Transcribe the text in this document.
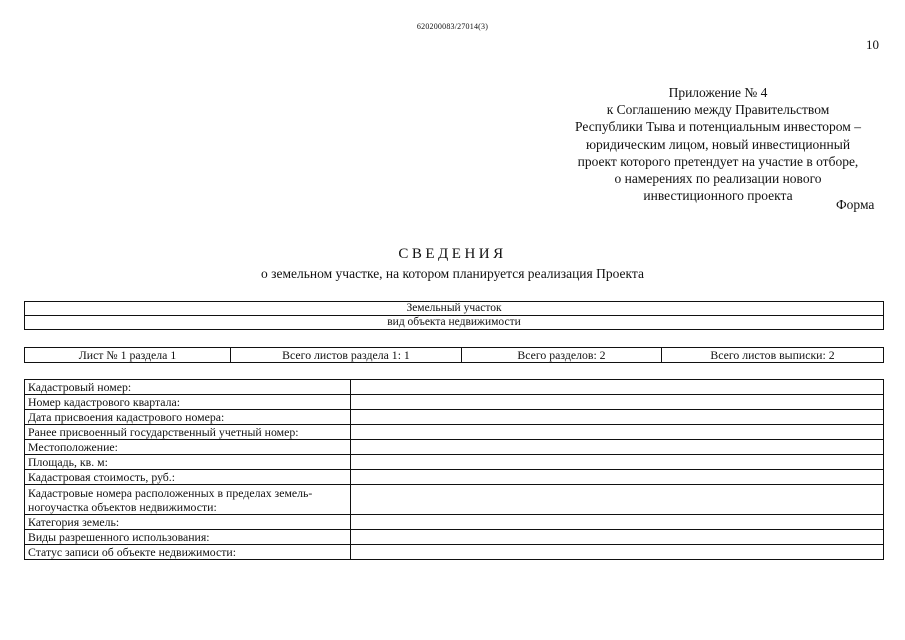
620200083/27014(3)
10
Приложение № 4
к Соглашению между Правительством
Республики Тыва и потенциальным инвестором –
юридическим лицом, новый инвестиционный
проект которого претендует на участие в отборе,
о намерениях по реализации нового
инвестиционного проекта
Форма
СВЕДЕНИЯ
о земельном участке, на котором планируется реализация Проекта
Земельный участок
вид объекта недвижимости
Лист № 1 раздела 1	Всего листов раздела 1: 1	Всего разделов: 2	Всего листов выписки: 2
Кадастровый номер:	
Номер кадастрового квартала:	
Дата присвоения кадастрового номера:	
Ранее присвоенный государственный учетный номер:	
Местоположение:	
Площадь, кв. м:	
Кадастровая стоимость, руб.:	
Кадастровые номера расположенных в пределах земель-ногоучастка объектов недвижимости:	
Категория земель:	
Виды разрешенного использования:	
Статус записи об объекте недвижимости:	
